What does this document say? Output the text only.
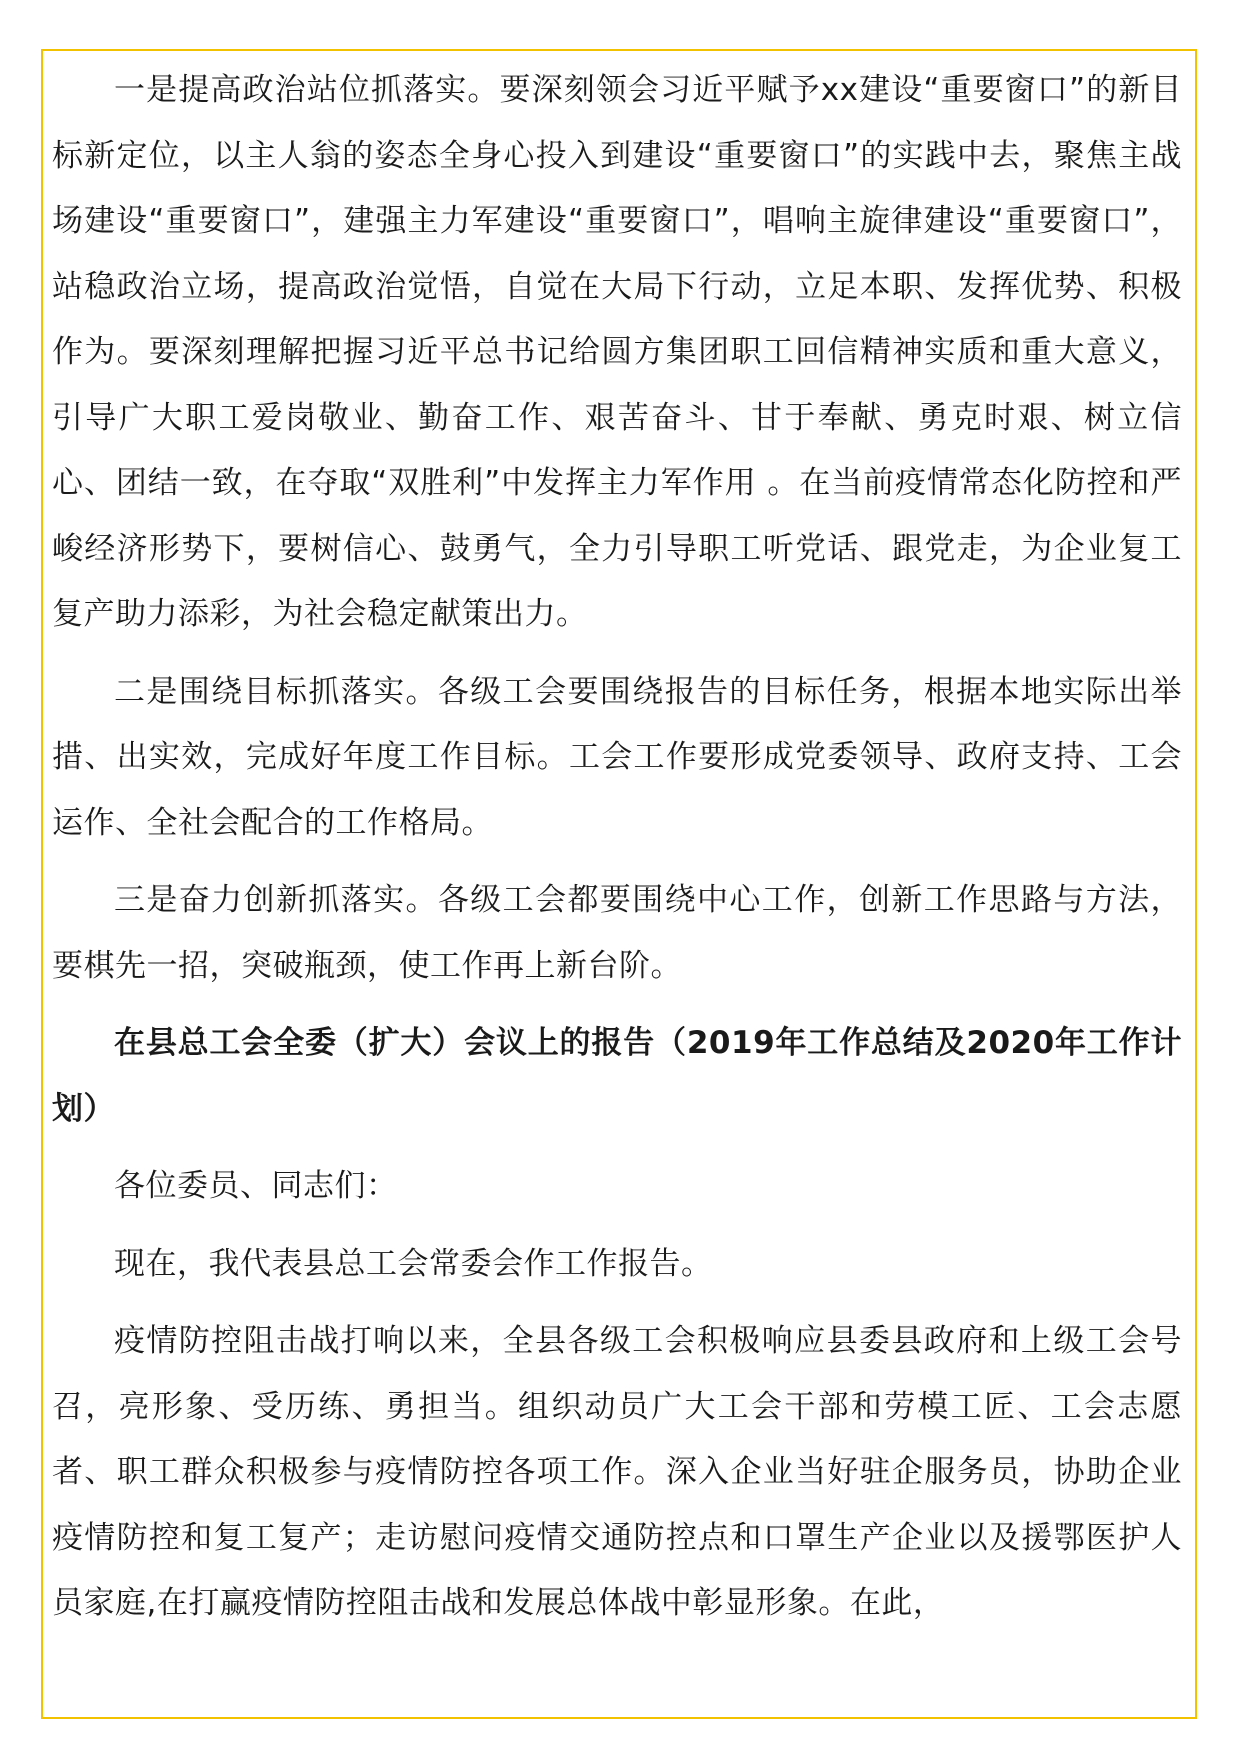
一是提高政治站位抓落实。要深刻领会习近平赋予xx建设“重要窗口”的新目标新定位，以主人翁的姿态全身心投入到建设“重要窗口”的实践中去，聚焦主战场建设“重要窗口”，建强主力军建设“重要窗口”，唱响主旋律建设“重要窗口”，站稳政治立场，提高政治觉悟，自觉在大局下行动，立足本职、发挥优势、积极作为。要深刻理解把握习近平总书记给圆方集团职工回信精神实质和重大意义，引导广大职工爱岗敬业、勤奋工作、艰苦奋斗、甘于奉献、勇克时艰、树立信心、团结一致，在夺取“双胜利”中发挥主力军作用 。在当前疫情常态化防控和严峻经济形势下，要树信心、鼓勇气，全力引导职工听党话、跟党走，为企业复工复产助力添彩，为社会稳定献策出力。

二是围绕目标抓落实。各级工会要围绕报告的目标任务，根据本地实际出举措、出实效，完成好年度工作目标。工会工作要形成党委领导、政府支持、工会运作、全社会配合的工作格局。

三是奋力创新抓落实。各级工会都要围绕中心工作，创新工作思路与方法，要棋先一招，突破瓶颈，使工作再上新台阶。

在县总工会全委（扩大）会议上的报告（2019年工作总结及2020年工作计划）

各位委员、同志们：

现在，我代表县总工会常委会作工作报告。

疫情防控阻击战打响以来，全县各级工会积极响应县委县政府和上级工会号召，亮形象、受历练、勇担当。组织动员广大工会干部和劳模工匠、工会志愿者、职工群众积极参与疫情防控各项工作。深入企业当好驻企服务员，协助企业疫情防控和复工复产；走访慰问疫情交通防控点和口罩生产企业以及援鄂医护人员家庭,在打赢疫情防控阻击战和发展总体战中彰显形象。在此，
